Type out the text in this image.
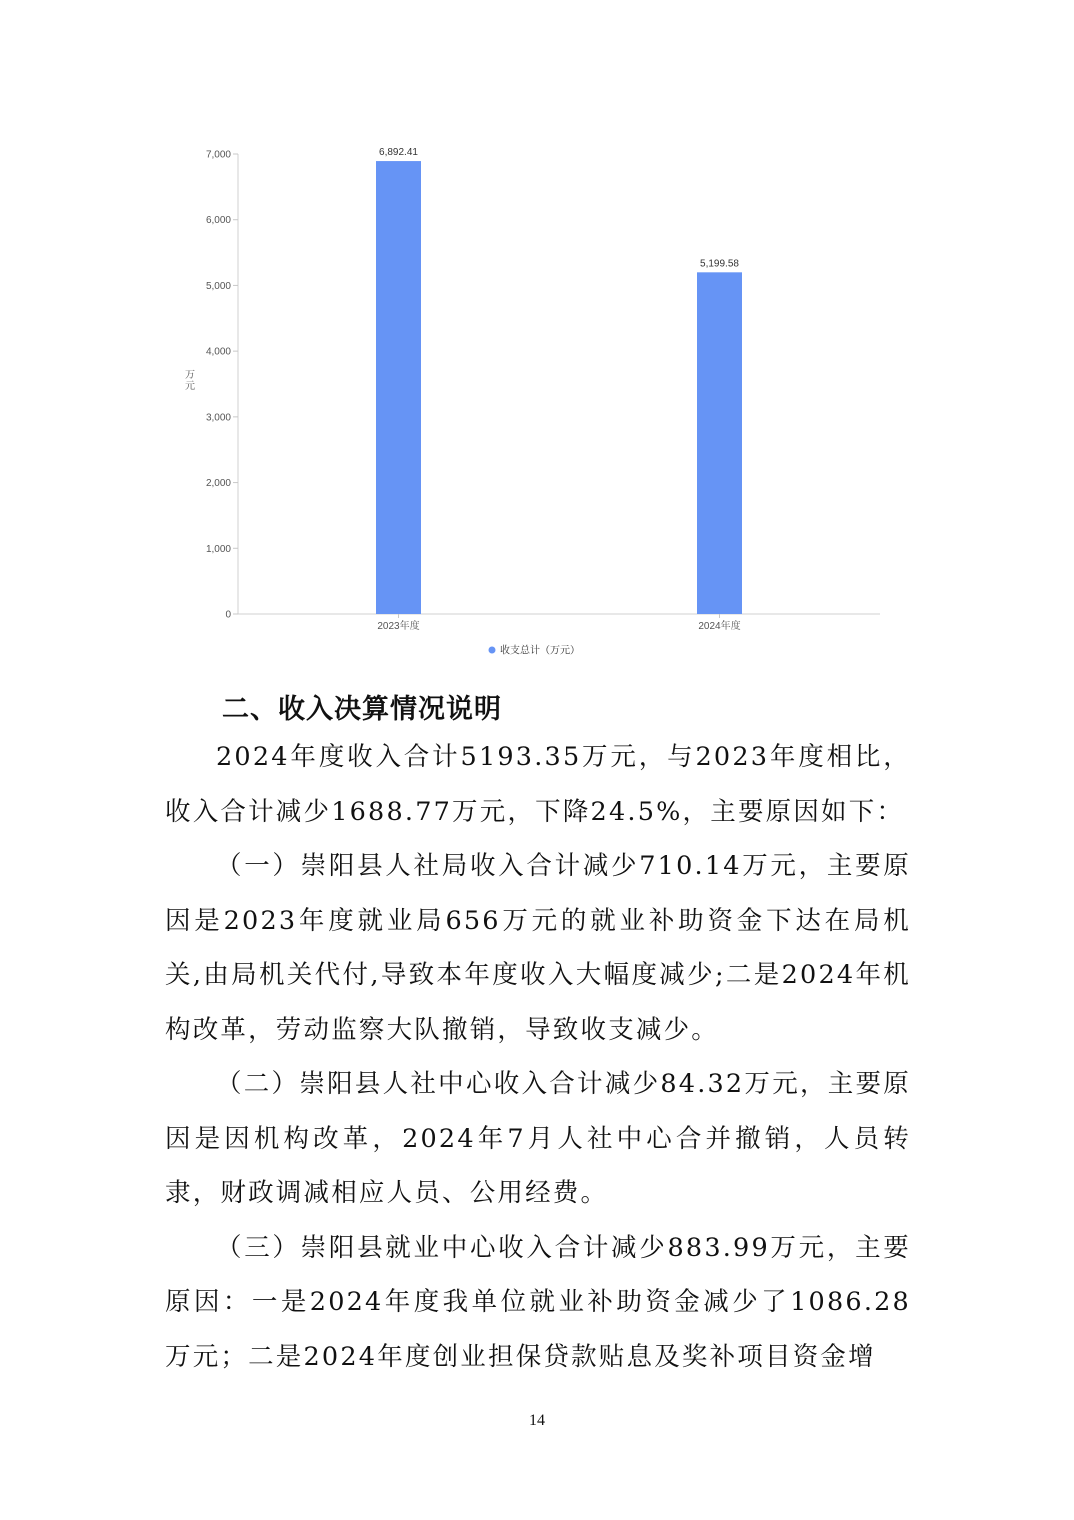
0
1,000
2,000
3,000
4,000
5,000
6,000
7,000
万元
2023年度	2024年度
6,892.41
5,199.58
收支总计（万元）
二、收入决算情况说明

2024年度收入合计5193.35万元，与2023年度相比，收入合计减少1688.77万元，下降24.5%，主要原因如下：

（一）崇阳县人社局收入合计减少710.14万元，主要原因是2023年度就业局656万元的就业补助资金下达在局机关,由局机关代付,导致本年度收入大幅度减少;二是2024年机构改革，劳动监察大队撤销，导致收支减少。

（二）崇阳县人社中心收入合计减少84.32万元，主要原因是因机构改革，2024年7月人社中心合并撤销，人员转隶，财政调减相应人员、公用经费。

（三）崇阳县就业中心收入合计减少883.99万元，主要原因：一是2024年度我单位就业补助资金减少了1086.28万元；二是2024年度创业担保贷款贴息及奖补项目资金增

14
